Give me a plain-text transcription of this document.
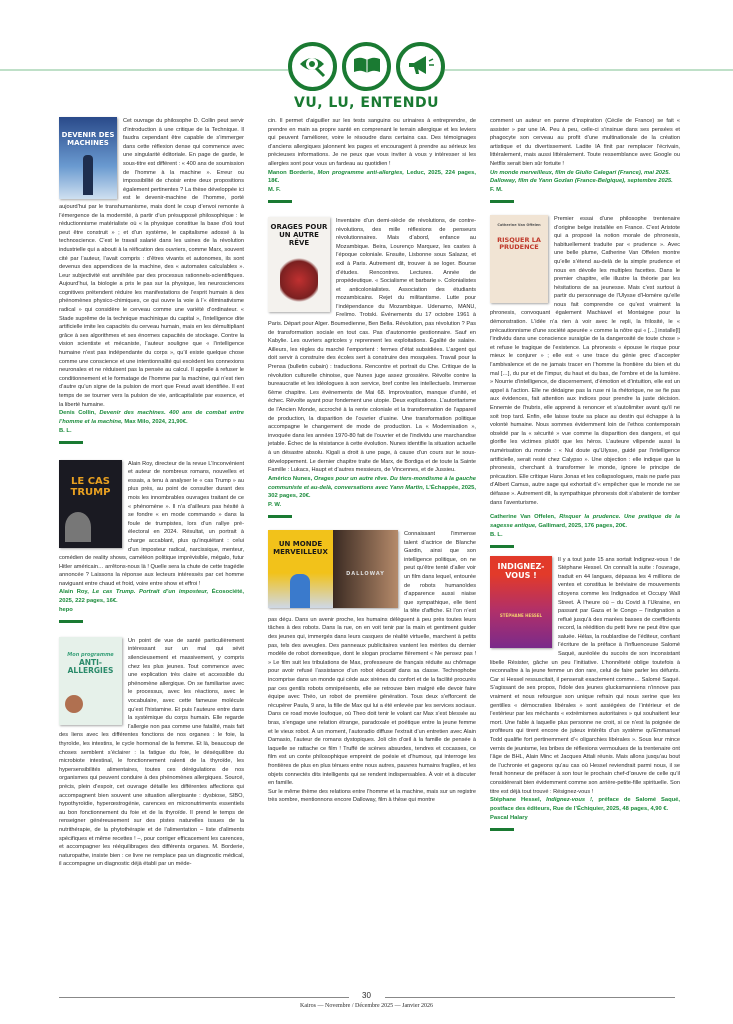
VU, LU, ENTENDU
DEVENIR DES MACHINES

Cet ouvrage du philosophe D. Collin peut servir d’introduction à une critique de la Technique. Il faudra cependant être capable de s’immerger dans cette réflexion dense qui commence avec une singularité éditoriale. En page de garde, le sous-titre est différent : « 400 ans de soumission de l’homme à la machine ». Erreur ou impossibilité de choisir entre deux propositions également pertinentes ? La thèse développée ici est le devenir-machine de l’homme, porté aujourd’hui par le transhumanisme, mais dont le coup d’envoi remonte à l’émergence de la modernité, à partir d’un présupposé philosophique : le réductionnisme matérialiste où « la physique constitue la base d’où tout peut être construit » ; et d’un système, le capitalisme adossé à la technoscience. C’est le travail salarié dans les usines de la révolution industrielle qui a abouti à la réification des ouvriers, comme Marx, souvent cité par l’auteur, l’avait compris : d’êtres vivants et autonomes, ils sont devenus des appendices de la machine, des « automates calculables ». Leur subjectivité est annihilée par des processus rationnels-scientifiques. Aujourd’hui, la biologie a pris le pas sur la physique, les neurosciences cognitives prétendent réduire les manifestations de l’esprit humain à des phénomènes physico-chimiques, ce qui ouvre la voie à l’« éliminativisme radical » qui considère le cerveau comme une variété d’ordinateur. « Stade suprême de la technique machinique du capital », l’intelligence dite artificielle imite les capacités du cerveau humain, mais en les démultipliant grâce à ses algorithmes et ses énormes capacités de stockage. Contre la vision scientiste et mécaniste, l’auteur souligne que « l’intelligence humaine n’est pas indépendante du corps », qu’il existe quelque chose comme une conscience et une intentionnalité qui excèdent les connexions neuronales et ne réduisent pas la pensée au calcul. Il appelle à refuser le conditionnement et le formatage de l’homme par la machine, qui n’est rien d’autre qu’un signe de la pulsion de mort que Freud avait identifiée. Il est temps de se tourner vers la pulsion de vie, anticapitaliste par essence, et la liberté humaine.

Denis Collin, Devenir des machines. 400 ans de combat entre l’homme et la machine, Max Milo, 2024, 21,90€.

B. L.

LE CAS TRUMP

Alain Roy, directeur de la revue L’Inconvénient et auteur de nombreux romans, nouvelles et essais, a tenu à analyser le « cas Trump » au plus près, au point de consulter durant des mois les innombrables ouvrages traitant de ce « phénomène ». Il n’a d’ailleurs pas hésité à se fondre « en mode commando » dans la foule de trumpistes, lors d’un rallye pré-électoral en 2024. Résultat, un portrait à charge accablant, plus qu’inquiétant : celui d’un imposteur radical, narcissique, menteur, comédien de reality shows, caméléon politique imprévisible, mégalo, futur Hitler américain… arrêtons-nous là ! Quelle sera la chute de cette tragédie annoncée ? Laissons la réponse aux lecteurs intéressés par cet homme naviguant entre chaud et froid, voire entre show et effroi !

Alain Roy, Le cas Trump. Portrait d’un imposteur, Écosociété, 2025, 222 pages, 16€.

hepo

Mon programme
ANTI-ALLERGIES

Un point de vue de santé particulièrement intéressant sur un mal qui sévit silencieusement et massivement, y compris chez les plus jeunes. Tout commence avec une explication très claire et accessible du phénomène allergique. On se familiarise avec le processus, avec les réactions, avec le vocabulaire, avec cette fameuse molécule qu’est l’histamine. Et puis l’auteure entre dans la systémique du corps humain. Elle regarde l’allergie non pas comme une fatalité, mais fait des liens avec les différentes fonctions de nos organes : le foie, la thyroïde, les intestins, le cycle hormonal de la femme. Et là, beaucoup de choses semblent s’éclairer : la fatigue du foie, le déséquilibre du microbiote intestinal, le fonctionnement ralenti de la thyroïde, les hypersensibilités alimentaires, toutes ces dérégulations de nos organismes qui peuvent conduire à des phénomènes allergiques. Sourcé, précis, plein d’espoir, cet ouvrage détaille les différentes affections qui accompagnent bien souvent une situation allergisante : dysbiose, SIBO, hypothyroïdie, hyperœstrogénie, carences en micronutriments essentiels au bon fonctionnement du foie et de la thyroïde. Il prend le temps de renseigner généreusement sur des pistes naturelles issues de la nutrithérapie, de la phytothérapie et de l’alimentation – liste d’aliments spécifiques et même recettes ! –, pour corriger efficacement les carences, et accompagner les rééquilibrages des différents organes. M. Borderie, naturopathe, insiste bien : ce livre ne remplace pas un diagnostic médical, il accompagne un diagnostic déjà établi par un méde-

cin. Il permet d’aiguiller sur les tests sanguins ou urinaires à entreprendre, de prendre en main sa propre santé en comprenant le terrain allergique et les leviers qui peuvent l’améliorer, voire le résoudre dans certains cas. Des témoignages d’anciens allergiques jalonnent les pages et encouragent à prendre au sérieux les précieuses informations. Je ne peux que vous inviter à vous y intéresser si les allergies sont pour vous un fardeau au quotidien !

Manon Borderie, Mon programme anti-allergies, Leduc, 2025, 224 pages, 18€.

M. F.

ORAGES POUR UN AUTRE RÊVE

Inventaire d’un demi-siècle de révolutions, de contre-révolutions, des mille réflexions de penseurs révolutionnaires. Mais d’abord, enfance au Mozambique. Beira, Lourenço Marquez, les castes à l’époque coloniale. Ensuite, Lisbonne sous Salazar, et exil à Paris. Autrement dit, trouver à se loger. Bourse d’études. Rencontres. Lectures. Année de propédeutique. « Socialisme et barbarie ». Colonialistes et anticolonialistes. Association des étudiants mozambicains. Rejet du militantisme. Lutte pour l’indépendance du Mozambique. Udenamo, MANU, Frelimo. Trotski. Événements du 17 octobre 1961 à Paris. Départ pour Alger. Boumedienne, Ben Bella. Révolution, pas révolution ? Pas de transformation sociale en tout cas. Pas d’autonomie gestionnaire. Sauf en Kabylie. Les ouvriers agricoles y reprennent les exploitations. Égalité de salaire. Ailleurs, les règles du marché l’emportent : fermes d’état subsidiées. L’argent qui doit servir à construire des écoles sert à construire des mosquées. Travail pour la Prensa (bulletin cubain) : traductions. Rencontre et portrait du Che. Critique de la révolution culturelle chinoise, que Nunes juge assez grossière. Révolte contre la bureaucratie et les idéologues à son service, bref contre les intellectuels. Immense 6ème chapitre. Les événements de Mai 68. Improvisation, manque d’unité, et échec. Révolte ayant pour fondement une utopie. Deux explications. L’autoritarisme de l’Ancien Monde, accroché à la rente coloniale et la transformation de l’appareil de production, la disparition de l’ouvrier d’usine. Une transformation politique accompagne le changement de mode de production. La « Modernisation », invoquée dans les années 1970-80 fait de l’ouvrier et de l’individu une marchandise jetable. Échec de la résistance à cette évolution. Nunes identifie la situation actuelle à un désastre absolu. Kigali a droit à une page, à cause d’un cours sur le sous-développement. Le dernier chapitre traite de Marx, de Bordiga et de toute la Sainte Famille : Lukacs, Haupt et d’autres messieurs, de Vincennes, et de Jussieu.

Américo Nunes, Orages pour un autre rêve. Du tiers-mondisme à la gauche communiste et au-delà, conversations avec Yann Martin, L’Échappée, 2025, 302 pages, 20€.

P. W.

UN MONDE MERVEILLEUX
DALLOWAY

Connaissant l’immense talent d’actrice de Blanche Gardin, ainsi que son intelligence politique, on ne peut qu’être tenté d’aller voir un film dans lequel, entourée de robots humanoïdes d’apparence aussi niaise que sympathique, elle tient la tête d’affiche. Et l’on n’est pas déçu. Dans un avenir proche, les humains délèguent à peu près toutes leurs tâches à des robots. Dans la rue, on en voit tenir par la main et gentiment guider des jeunes qui, immergés dans leurs casques de réalité virtuelle, marchent à petits pas, tels des aveugles. Des panneaux publicitaires vantent les mérites du dernier modèle de robot domestique, dont le slogan proclame fièrement « Ne pensez pas ! » Le film suit les tribulations de Max, professeure de français réduite au chômage pour avoir refusé l’assistance d’un robot éducatif dans sa classe. Technophobe incomprise dans un monde qui cède aux sirènes du confort et de la facilité procurés par ces gentils robots omniprésents, elle se retrouve bien malgré elle devoir faire équipe avec Théo, un robot de première génération. Tous deux s’efforcent de récupérer Paula, 9 ans, la fille de Max qui lui a été enlevée par les services sociaux. Dans ce road movie loufoque, où Theo doit tenir le volant car Max s’est blessée au bras, s’engage une relation étrange, paradoxale et poétique entre la jeune femme et le vieux robot. À un moment, l’autoradio diffuse l’extrait d’un entretien avec Alain Damasio, l’auteur de romans dystopiques. Joli clin d’œil à la famille de pensée à laquelle se rattache ce film ! Truffé de scènes absurdes, tendres et cocasses, ce film est un conte philosophique empreint de poésie et d’humour, qui interroge les frontières de plus en plus ténues entre nous autres, pauvres humains fragiles, et les objets connectés dits intelligents qui se rendent indispensables. À voir et à discuter en famille.

Sur le même thème des relations entre l’homme et la machine, mais sur un registre très sombre, mentionnons encore Dalloway, film à thèse qui montre

comment un auteur en panne d’inspiration (Cécile de France) se fait « assister » par une IA. Peu à peu, celle-ci s’insinue dans ses pensées et phagocyte son cerveau au profit d’une multinationale de la création artistique et du divertissement. Ladite IA finit par remplacer l’écrivain, littéralement, mais aussi littéralement. Toute ressemblance avec Google ou Netflix serait bien sûr fortuite !

Un monde merveilleux, film de Giulio Calegari (France), mai 2025.

Dalloway, film de Yann Gozlan (France-Belgique), septembre 2025.

F. M.

Catherine Van Offelen
RISQUER LA PRUDENCE

Premier essai d’une philosophe trentenaire d’origine belge installée en France. C’est Aristote qui a proposé la notion morale de phronesis, habituellement traduite par « prudence ». Avec une belle plume, Catherine Van Offelen montre qu’elle s’étend au-delà de la simple prudence et nous en dévoile les multiples facettes. Dans le premier chapitre, elle illustre la théorie par les hésitations de sa jeunesse. Mais c’est surtout à partir du personnage de l’Ulysse d’Homère qu’elle nous fait comprendre ce qu’est vraiment la phronesis, convoquant également Machiavel et Montaigne pour la démonstration. L’idée n’a rien à voir avec le repli, la frilosité, le « précautionnisme d’une société apeurée » comme la nôtre qui « […] installe[l] l’individu dans une conscience suraigüe de la dangerosité de toute chose » et refuse le tragique de l’existence. La phronesis « épouse le risque pour mieux le conjurer » ; elle est « une trace du génie grec d’accepter l’ambivalence et de ne jamais tracer en l’homme la frontière du bien et du mal […], du pur et de l’impur, du haut et du bas, de l’ombre et de la lumière. » Nourrie d’intelligence, de discernement, d’émotion et d’intuition, elle est un appel à l’action. Elle ne dédaigne pas la ruse ni la rhétorique, ne se fie pas aux évidences, fait attention aux indices pour prendre la juste décision. Ennemie de l’hubris, elle apprend à renoncer et s’autolimiter avant qu’il ne soit trop tard. Enfin, elle laisse toute sa place au destin qui échappe à la volonté humaine. Nous sommes évidemment loin de l’ethos contemporain obsédé par la « sécurité » vue comme la disparition des dangers, et qui glorifie les victimes plutôt que les héros. L’auteure vilipende aussi la numérisation du monde : « Nul doute qu’Ulysse, guidé par l’intelligence artificielle, serait resté chez Calypso ». Une objection : elle indique que la phronesis, cherchant à transformer le monde, ignore le principe de précaution. Elle critique Hans Jonas et les collapsologues, mais ne parle pas d’Albert Camus, autre sage qui exhortait d’« empêcher que le monde ne se défasse ». Autrement dit, la sympathique phronesis doit s’abstenir de tomber dans l’aventurisme.

Catherine Van Offelen, Risquer la prudence. Une pratique de la sagesse antique, Gallimard, 2025, 176 pages, 20€.

B. L.

INDIGNEZ-VOUS !
STÉPHANE HESSEL

Il y a tout juste 15 ans sortait Indignez-vous ! de Stéphane Hessel. On connaît la suite : l’ouvrage, traduit en 44 langues, dépassa les 4 millions de ventes et constitua le bréviaire de mouvements citoyens comme les Indignados et Occupy Wall Street. À l’heure où – du Covid à l’Ukraine, en passant par Gaza et le Congo – l’indignation a reflué jusqu’à des marées basses de coefficients record, la réédition du petit livre ne peut être que saluée. Hélas, la roublardise de l’éditeur, confiant l’écriture de la préface à l’influenceuse Salomé Saqué, auréolée du succès de son inconsistant libelle Résister, gâche un peu l’initiative. L’honnêteté oblige toutefois à reconnaître à la jeune femme un don rare, celui de faire parler les défunts. Car si Hessel ressuscitait, il penserait exactement comme… Salomé Saqué. S’agissant de ses propos, l’idole des jeunes glucksmanniens n’innove pas vraiment et nous refourgue son unique refrain qui nous serine que les gentilles « démocraties libérales » sont assiégées de l’intérieur et de l’extérieur par les méchants « extrémismes autoritaires » qui souhaitent leur mort. Une fable à laquelle plus personne ne croit, si ce n’est la poignée de profiteurs qui tirent encore de juteux intérêts d’un système qu’Emmanuel Todd qualifie fort pertinemment d’« oligarchies libérales ». Sous leur mince vernis de jeunisme, les bribes de réflexions vermoulues de la trentenaire ont l’âge de BHL, Alain Minc et Jacques Attali réunis. Mais allons jusqu’au bout de l’uchronie et gageons qu’au cas où Hessel reviendrait parmi nous, il se ferait honneur de préfacer à son tour le prochain chef-d’œuvre de celle qu’il considérerait bien évidemment comme son arrière-petite-fille spirituelle. Son titre est déjà tout trouvé : Résignez-vous !

Stéphane Hessel, Indignez-vous !, préface de Salomé Saqué, postface des éditeurs, Rue de l’Échiquier, 2025, 48 pages, 4,90 €.

Pascal Halary

30
Kairos — Novembre / Décembre 2025 — Janvier 2026
